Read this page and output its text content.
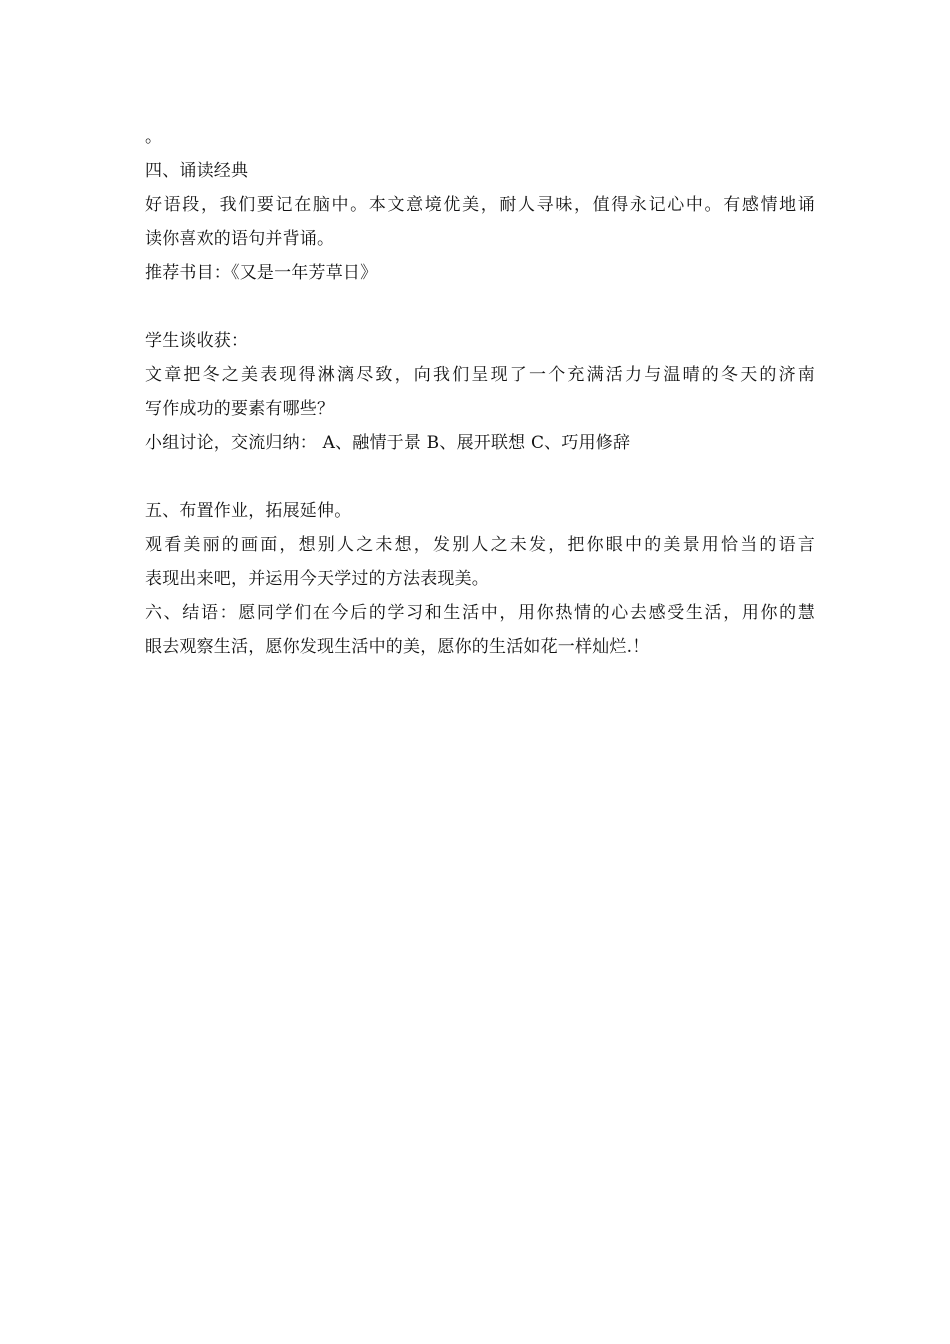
。
四、诵读经典
好语段，我们要记在脑中。本文意境优美，耐人寻味，值得永记心中。有感情地诵
读你喜欢的语句并背诵。
推荐书目：《又是一年芳草日》
学生谈收获：
文章把冬之美表现得淋漓尽致，向我们呈现了一个充满活力与温晴的冬天的济南
写作成功的要素有哪些？
小组讨论，交流归纳： A、融情于景 B、展开联想 C、巧用修辞
五、布置作业，拓展延伸。
观看美丽的画面，想别人之未想，发别人之未发，把你眼中的美景用恰当的语言
表现出来吧，并运用今天学过的方法表现美。
六、结语：愿同学们在今后的学习和生活中，用你热情的心去感受生活，用你的慧
眼去观察生活，愿你发现生活中的美，愿你的生活如花一样灿烂.！
